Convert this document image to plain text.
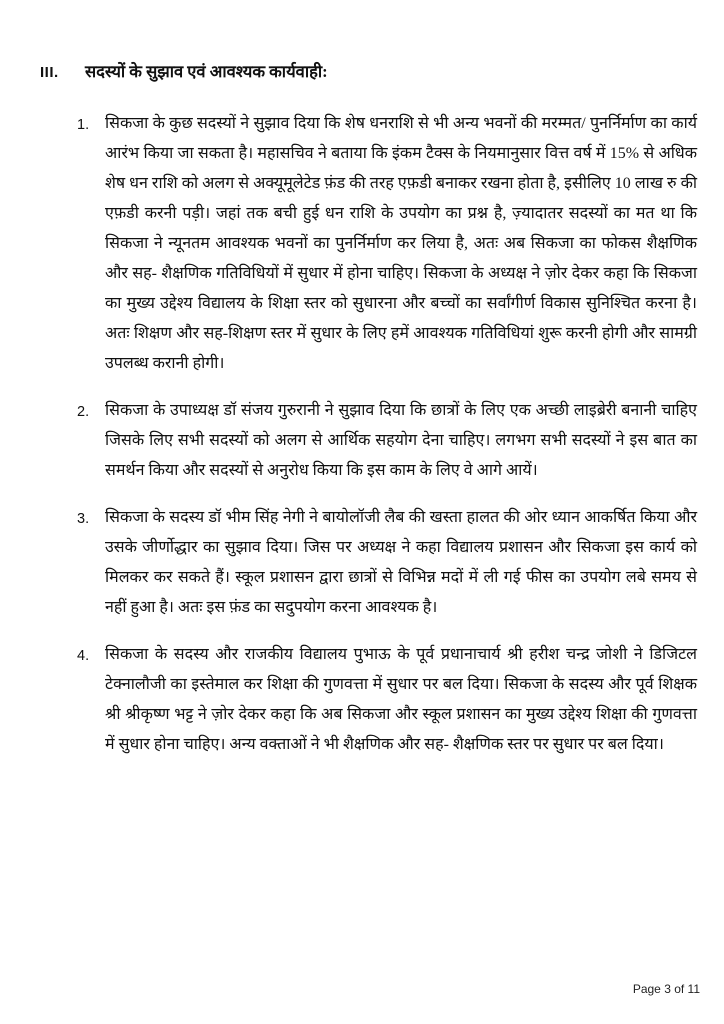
III.	सदस्यों के सुझाव एवं आवश्यक कार्यवाही:
1. सिकजा के कुछ सदस्यों ने सुझाव दिया कि शेष धनराशि से भी अन्य भवनों की मरम्मत/ पुनर्निर्माण का कार्य आरंभ किया जा सकता है। महासचिव ने बताया कि इंकम टैक्स के नियमानुसार वित्त वर्ष में 15% से अधिक शेष धन राशि को अलग से अक्यूमूलेटेड फ़ंड की तरह एफ़डी बनाकर रखना होता है, इसीलिए 10 लाख रु की एफ़डी करनी पड़ी। जहां तक बची हुई धन राशि के उपयोग का प्रश्न है, ज़्यादातर सदस्यों का मत था कि सिकजा ने न्यूनतम आवश्यक भवनों का पुनर्निर्माण कर लिया है, अतः अब सिकजा का फोकस शैक्षणिक और सह- शैक्षणिक गतिविधियों में सुधार में होना चाहिए। सिकजा के अध्यक्ष ने ज़ोर देकर कहा कि सिकजा का मुख्य उद्देश्य विद्यालय के शिक्षा स्तर को सुधारना और बच्चों का सर्वांगीर्ण विकास सुनिश्चित करना है। अतः शिक्षण और सह-शिक्षण स्तर में सुधार के लिए हमें आवश्यक गतिविधियां शुरू करनी होगी और सामग्री उपलब्ध करानी होगी।
2. सिकजा के उपाध्यक्ष डॉ संजय गुरुरानी ने सुझाव दिया कि छात्रों के लिए एक अच्छी लाइब्रेरी बनानी चाहिए जिसके लिए सभी सदस्यों को अलग से आर्थिक सहयोग देना चाहिए। लगभग सभी सदस्यों ने इस बात का समर्थन किया और सदस्यों से अनुरोध किया कि इस काम के लिए वे आगे आयें।
3. सिकजा के सदस्य डॉ भीम सिंह नेगी ने बायोलॉजी लैब की खस्ता हालत की ओर ध्यान आकर्षित किया और उसके जीर्णोद्धार का सुझाव दिया। जिस पर अध्यक्ष ने कहा विद्यालय प्रशासन और सिकजा इस कार्य को मिलकर कर सकते हैं। स्कूल प्रशासन द्वारा छात्रों से विभिन्न मदों में ली गई फीस का उपयोग लबे समय से नहीं हुआ है। अतः इस फ़ंड का सदुपयोग करना आवश्यक है।
4. सिकजा के सदस्य और राजकीय विद्यालय पुभाऊ के पूर्व प्रधानाचार्य श्री हरीश चन्द्र जोशी ने डिजिटल टेक्नालौजी का इस्तेमाल कर शिक्षा की गुणवत्ता में सुधार पर बल दिया। सिकजा के सदस्य और पूर्व शिक्षक श्री श्रीकृष्ण भट्ट ने ज़ोर देकर कहा कि अब सिकजा और स्कूल प्रशासन का मुख्य उद्देश्य शिक्षा की गुणवत्ता में सुधार होना चाहिए। अन्य वक्ताओं ने भी शैक्षणिक और सह- शैक्षणिक स्तर पर सुधार पर बल दिया।
Page 3 of 11
